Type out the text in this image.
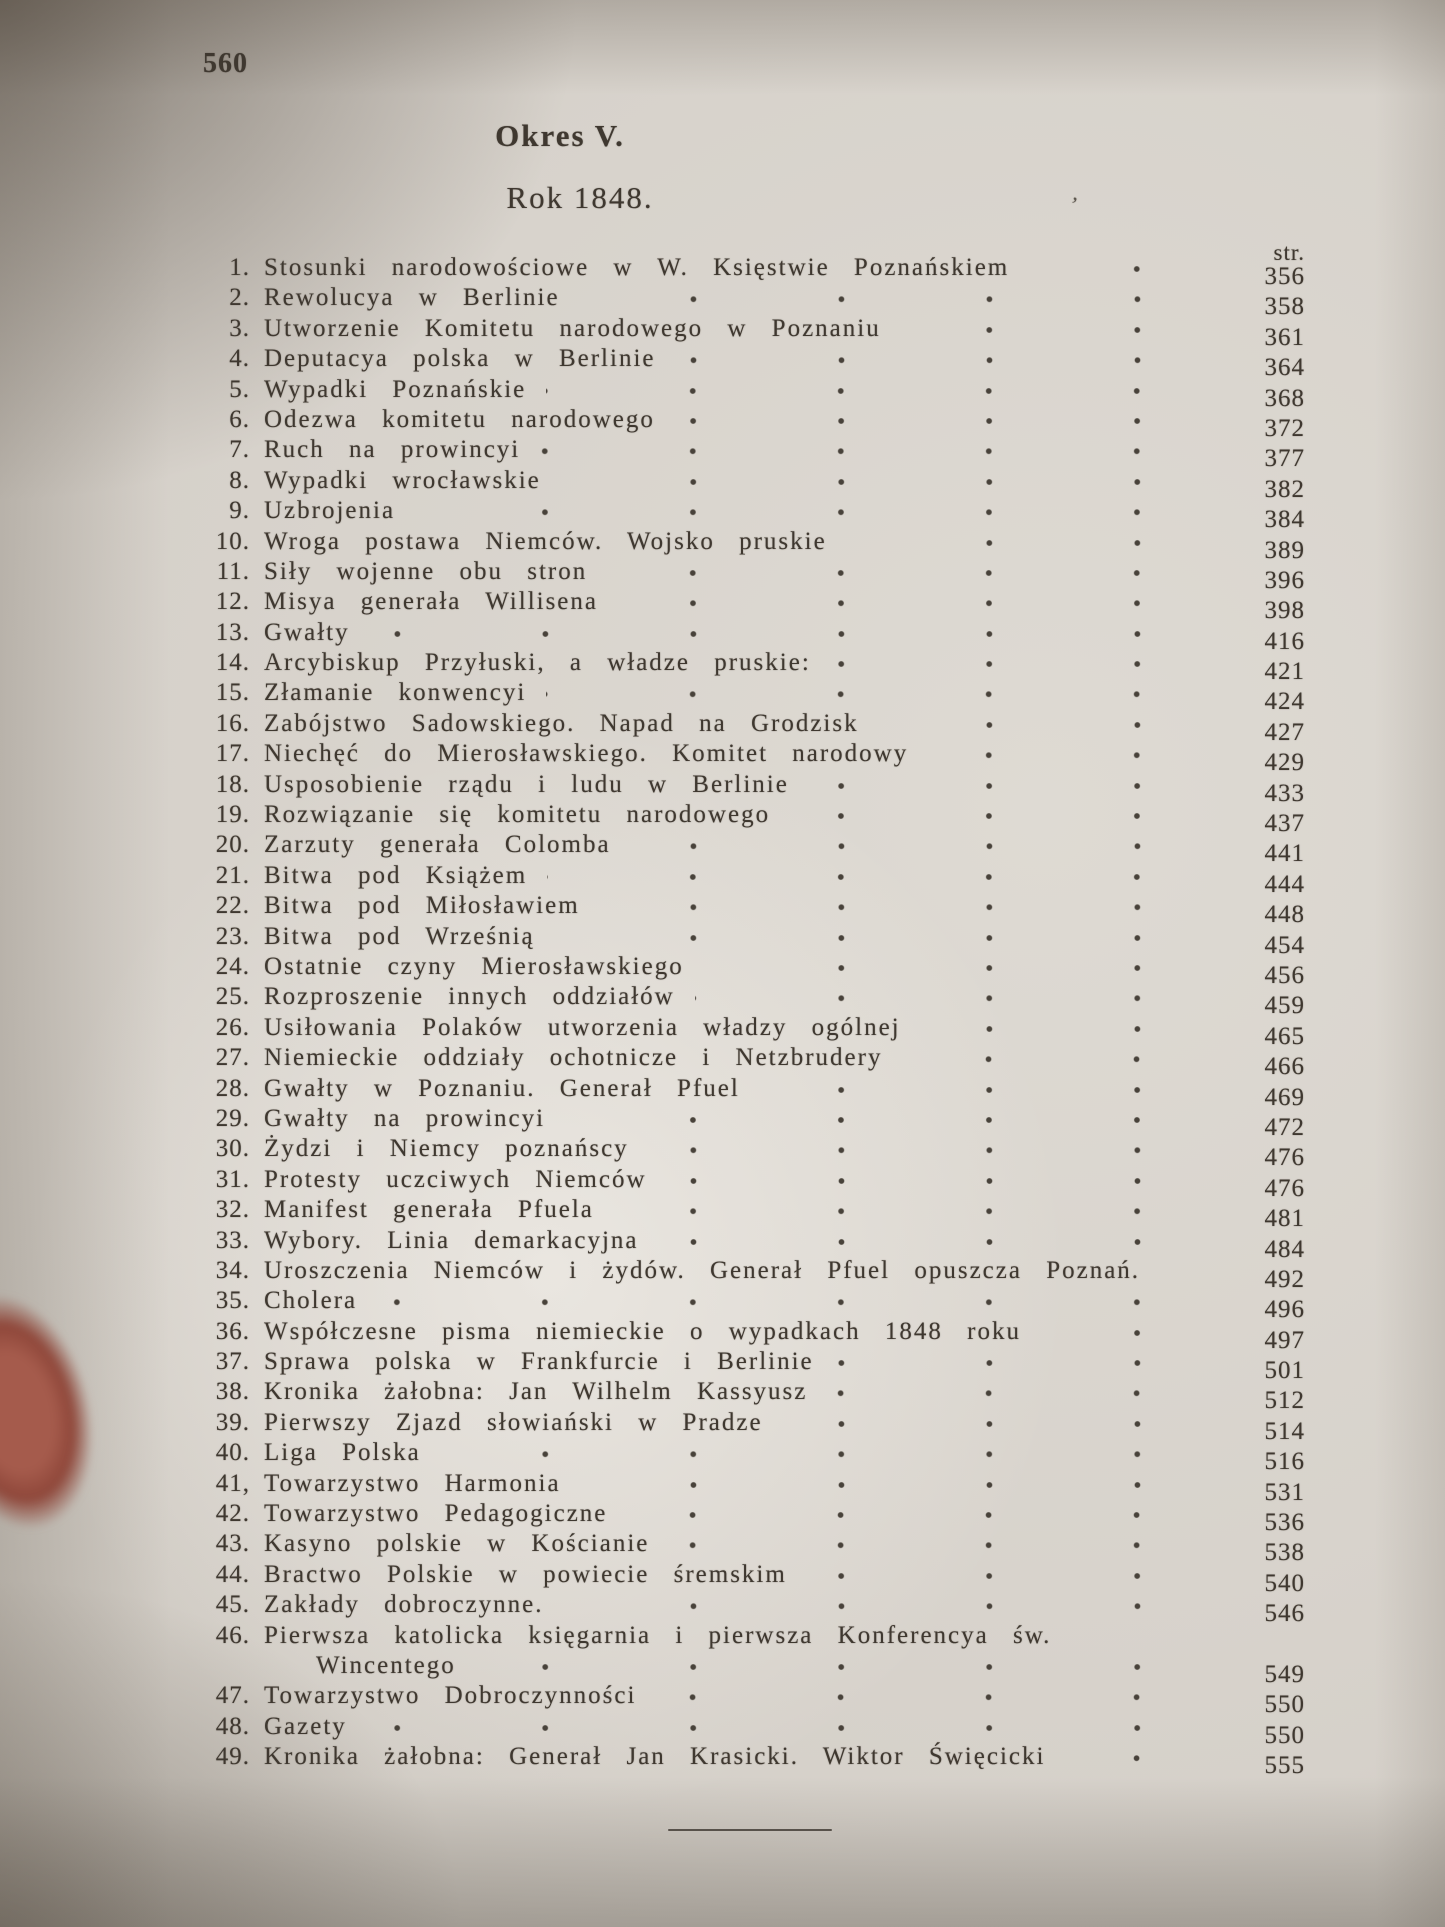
560
Okres V.
Rok 1848.	’
str.
1. Stosunki narodowościowe w W. Księstwie Poznańskiem	356
2. Rewolucya w Berlinie	358
3. Utworzenie Komitetu narodowego w Poznaniu	361
4. Deputacya polska w Berlinie	364
5. Wypadki Poznańskie	368
6. Odezwa komitetu narodowego	372
7. Ruch na prowincyi	377
8. Wypadki wrocławskie	382
9. Uzbrojenia	384
10. Wroga postawa Niemców. Wojsko pruskie	389
11. Siły wojenne obu stron	396
12. Misya generała Willisena	398
13. Gwałty	416
14. Arcybiskup Przyłuski, a władze pruskie:	421
15. Złamanie konwencyi	424
16. Zabójstwo Sadowskiego. Napad na Grodzisk	427
17. Niechęć do Mierosławskiego. Komitet narodowy	429
18. Usposobienie rządu i ludu w Berlinie	433
19. Rozwiązanie się komitetu narodowego	437
20. Zarzuty generała Colomba	441
21. Bitwa pod Książem	444
22. Bitwa pod Miłosławiem	448
23. Bitwa pod Wrześnią	454
24. Ostatnie czyny Mierosławskiego	456
25. Rozproszenie innych oddziałów	459
26. Usiłowania Polaków utworzenia władzy ogólnej	465
27. Niemieckie oddziały ochotnicze i Netzbrudery	466
28. Gwałty w Poznaniu. Generał Pfuel	469
29. Gwałty na prowincyi	472
30. Żydzi i Niemcy poznańscy	476
31. Protesty uczciwych Niemców	476
32. Manifest generała Pfuela	481
33. Wybory. Linia demarkacyjna	484
34. Uroszczenia Niemców i żydów. Generał Pfuel opuszcza Poznań.	492
35. Cholera	496
36. Współczesne pisma niemieckie o wypadkach 1848 roku	497
37. Sprawa polska w Frankfurcie i Berlinie	501
38. Kronika żałobna: Jan Wilhelm Kassyusz	512
39. Pierwszy Zjazd słowiański w Pradze	514
40. Liga Polska	516
41, Towarzystwo Harmonia	531
42. Towarzystwo Pedagogiczne	536
43. Kasyno polskie w Kościanie	538
44. Bractwo Polskie w powiecie śremskim	540
45. Zakłady dobroczynne.	546
46. Pierwsza katolicka księgarnia i pierwsza Konferencya św.
Wincentego	549
47. Towarzystwo Dobroczynności	550
48. Gazety	550
49. Kronika żałobna: Generał Jan Krasicki. Wiktor Święcicki	555
